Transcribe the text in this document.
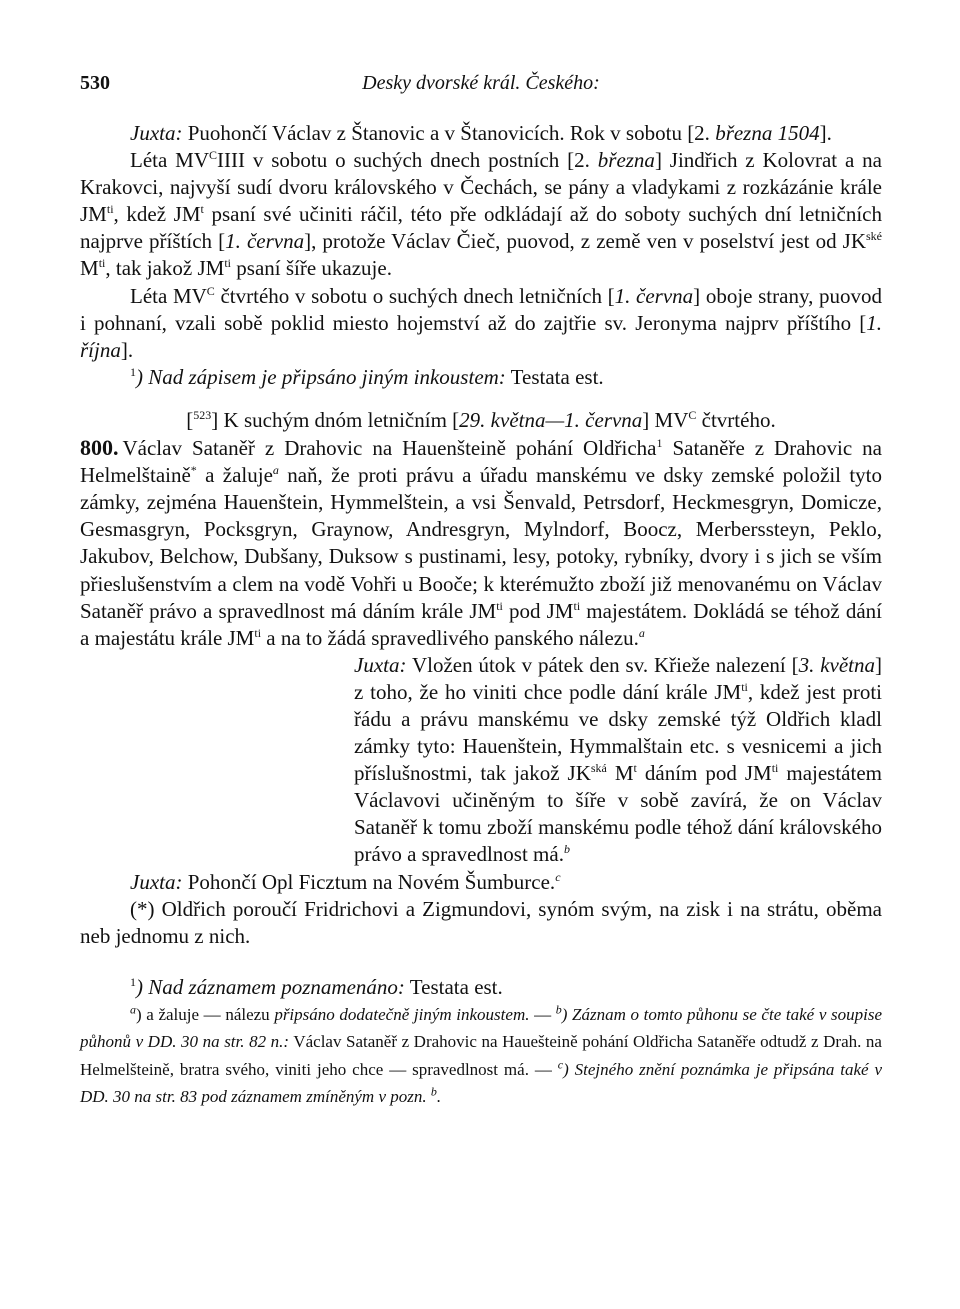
Desky dvorské král. Českého:
530

Juxta: Puohončí Václav z Štanovic a v Štanovicích. Rok v sobotu [2. března 1504].

Léta $MV^CIIII$ v sobotu o suchých dnech postních [2. března] Jindřich z Kolovrat a na Krakovci, najvyší sudí dvoru královského v Čechách, se pány a vladykami z rozkázánie krále $JM^{ti}$, kdež $JM^t$ psaní své učiniti ráčil, této pře odkládají až do soboty suchých dní letničních najprve příštích [1. června], protože Václav Čieč, puovod, z země ven v poselství jest od $JK^{ské}$ $M^{ti}$, tak jakož $JM^{ti}$ psaní šíře ukazuje.

Léta $MV^C$ čtvrtého v sobotu o suchých dnech letničních [1. června] oboje strany, puovod i pohnaní, vzali sobě poklid miesto hojemství až do zajtřie sv. Jeronyma najprv příštího [1. října].

$^1$) Nad zápisem je připsáno jiným inkoustem: Testata est.

[$^{523}$] K suchým dnóm letničním [29. května—1. června] $MV^C$ čtvrtého.

800. Václav Sataněř z Drahovic na Hauenšteině pohání Oldřicha$^1$ Sataněře z Drahovic na Helmelštaině* a žaluje$^a$ naň, že proti právu a úřadu manskému ve dsky zemské položil tyto zámky, zejména Hauenštein, Hymmelštein, a vsi Šenvald, Petrsdorf, Heckmesgryn, Domicze, Gesmasgryn, Pocksgryn, Graynow, Andresgryn, Mylndorf, Boocz, Merberssteyn, Peklo, Jakubov, Belchow, Dubšany, Duksow s pustinami, lesy, potoky, rybníky, dvory i s jich se vším přieslušenstvím a clem na vodě Vohři u Booče; k kterémužto zboží již menovanému on Václav Sataněř právo a spravedlnost má dáním krále $JM^{ti}$ pod $JM^{ti}$ majestátem. Dokládá se téhož dání a majestátu krále $JM^{ti}$ a na to žádá spravedlivého panského nálezu.$^a$

Juxta: Vložen útok v pátek den sv. Křieže nalezení [3. května] z toho, že ho viniti chce podle dání krále $JM^{ti}$, kdež jest proti řádu a právu manskému ve dsky zemské týž Oldřich kladl zámky tyto: Hauenštein, Hymmalštain etc. s vesnicemi a jich příslušnostmi, tak jakož $JK^{ská}$ $M^t$ dáním pod $JM^{ti}$ majestátem Václavovi učiněným to šíře v sobě zavírá, že on Václav Sataněř k tomu zboží manskému podle téhož dání královského právo a spravedlnost má.$^b$

Juxta: Pohončí Opl Ficztum na Novém Šumburce.$^c$

(*) Oldřich poroučí Fridrichovi a Zigmundovi, synóm svým, na zisk i na strátu, oběma neb jednomu z nich.

$^1$) Nad záznamem poznamenáno: Testata est.

$^a$) a žaluje — nálezu připsáno dodatečně jiným inkoustem. — $^b$) Záznam o tomto půhonu se čte také v soupise půhonů v DD. 30 na str. 82 n.: Václav Sataněř z Drahovic na Hauešteině pohání Oldřicha Sataněře odtudž z Drah. na Helmelšteině, bratra svého, viniti jeho chce — spravedlnost má. — $^c$) Stejného znění poznámka je připsána také v DD. 30 na str. 83 pod záznamem zmíněným v pozn. $^b$.
